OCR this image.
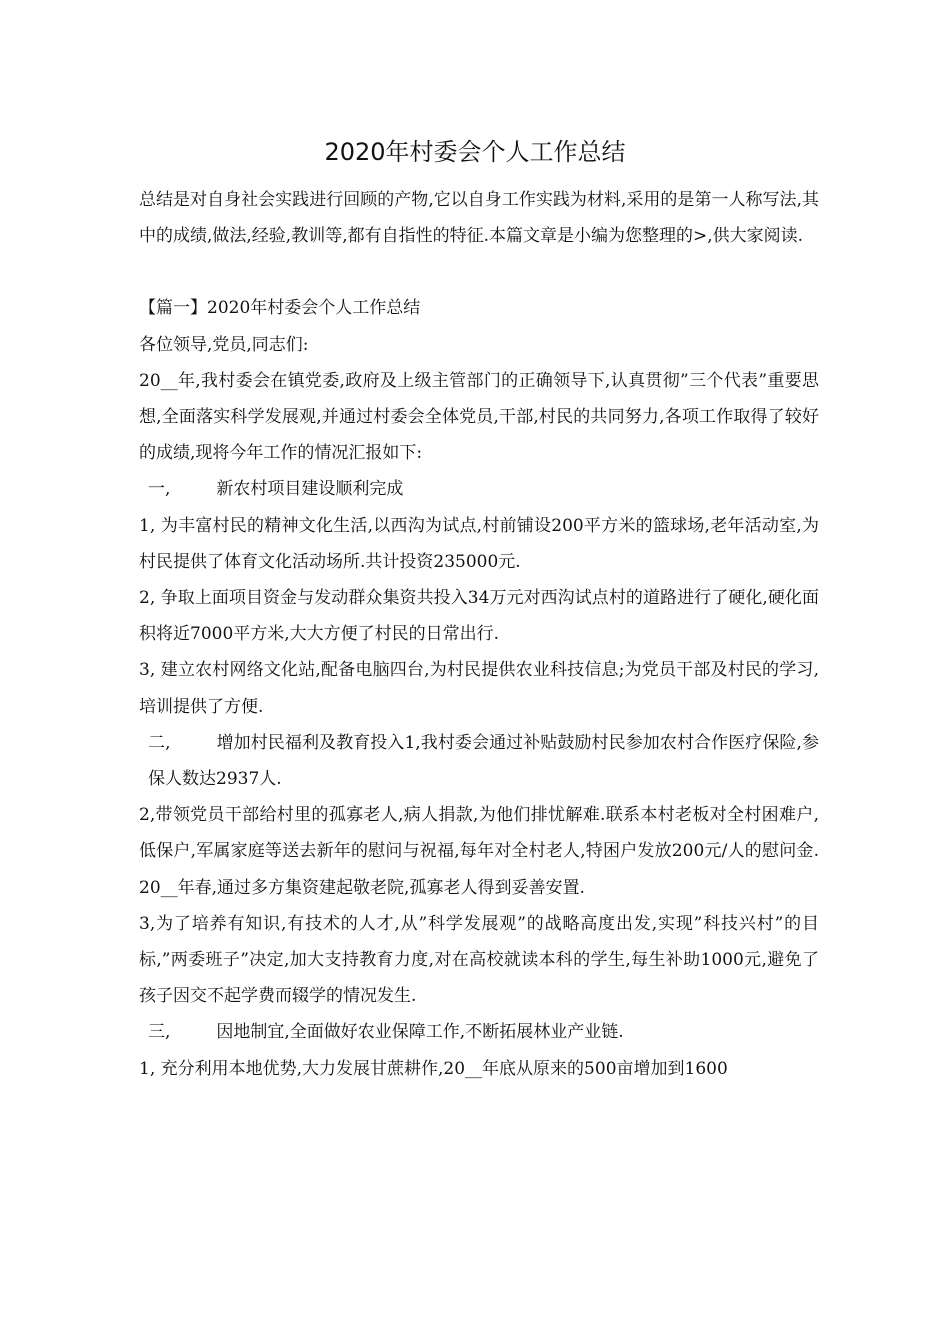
2020年村委会个人工作总结

总结是对自身社会实践进行回顾的产物,它以自身工作实践为材料,采用的是第一人称写法,其中的成绩,做法,经验,教训等,都有自指性的特征.本篇文章是小编为您整理的>,供大家阅读.

【篇一】2020年村委会个人工作总结

各位领导,党员,同志们:

20__年,我村委会在镇党委,政府及上级主管部门的正确领导下,认真贯彻”三个代表”重要思想,全面落实科学发展观,并通过村委会全体党员,干部,村民的共同努力,各项工作取得了较好的成绩,现将今年工作的情况汇报如下:

一,	新农村项目建设顺利完成

1, 为丰富村民的精神文化生活,以西沟为试点,村前铺设200平方米的篮球场,老年活动室,为村民提供了体育文化活动场所.共计投资235000元.

2, 争取上面项目资金与发动群众集资共投入34万元对西沟试点村的道路进行了硬化,硬化面积将近7000平方米,大大方便了村民的日常出行.

3, 建立农村网络文化站,配备电脑四台,为村民提供农业科技信息;为党员干部及村民的学习,培训提供了方便.

二,	增加村民福利及教育投入1,我村委会通过补贴鼓励村民参加农村合作医疗保险,参保人数达2937人.

2,带领党员干部给村里的孤寡老人,病人捐款,为他们排忧解难.联系本村老板对全村困难户,低保户,军属家庭等送去新年的慰问与祝福,每年对全村老人,特困户发放200元/人的慰问金.20__年春,通过多方集资建起敬老院,孤寡老人得到妥善安置.

3,为了培养有知识,有技术的人才,从”科学发展观”的战略高度出发,实现”科技兴村”的目标,”两委班子”决定,加大支持教育力度,对在高校就读本科的学生,每生补助1000元,避免了孩子因交不起学费而辍学的情况发生.

三,	因地制宜,全面做好农业保障工作,不断拓展林业产业链.

1, 充分利用本地优势,大力发展甘蔗耕作,20__年底从原来的500亩增加到1600
